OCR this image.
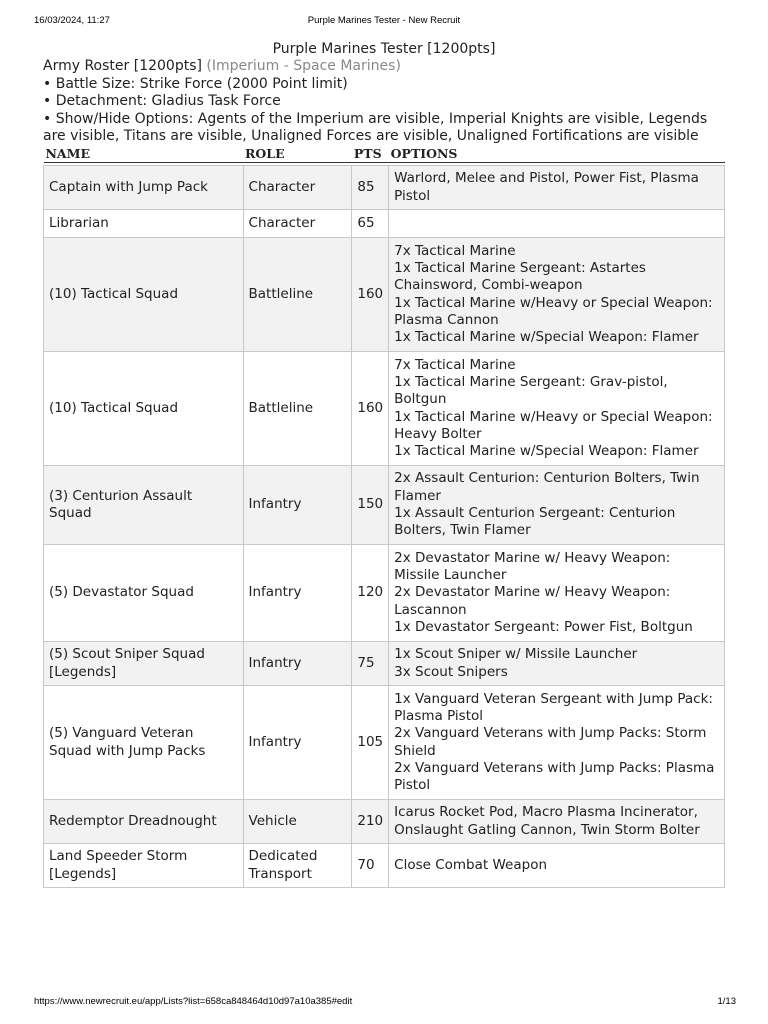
16/03/2024, 11:27	Purple Marines Tester - New Recruit
Purple Marines Tester [1200pts]

Army Roster [1200pts] (Imperium - Space Marines)

• Battle Size: Strike Force (2000 Point limit)

• Detachment: Gladius Task Force

• Show/Hide Options: Agents of the Imperium are visible, Imperial Knights are visible, Legends are visible, Titans are visible, Unaligned Forces are visible, Unaligned Fortifications are visible

NAME	ROLE	PTS	OPTIONS

Captain with Jump Pack	Character	85	Warlord, Melee and Pistol, Power Fist, Plasma Pistol

Librarian	Character	65	
(10) Tactical Squad	Battleline	160	7x Tactical Marine
1x Tactical Marine Sergeant: Astartes Chainsword, Combi-weapon
1x Tactical Marine w/Heavy or Special Weapon: Plasma Cannon
1x Tactical Marine w/Special Weapon: Flamer

(10) Tactical Squad	Battleline	160	7x Tactical Marine
1x Tactical Marine Sergeant: Grav-pistol, Boltgun
1x Tactical Marine w/Heavy or Special Weapon: Heavy Bolter
1x Tactical Marine w/Special Weapon: Flamer

(3) Centurion Assault Squad	Infantry	150	2x Assault Centurion: Centurion Bolters, Twin Flamer
1x Assault Centurion Sergeant: Centurion Bolters, Twin Flamer

(5) Devastator Squad	Infantry	120	2x Devastator Marine w/ Heavy Weapon: Missile Launcher
2x Devastator Marine w/ Heavy Weapon: Lascannon
1x Devastator Sergeant: Power Fist, Boltgun

(5) Scout Sniper Squad [Legends]	Infantry	75	1x Scout Sniper w/ Missile Launcher
3x Scout Snipers

(5) Vanguard Veteran Squad with Jump Packs	Infantry	105	1x Vanguard Veteran Sergeant with Jump Pack: Plasma Pistol
2x Vanguard Veterans with Jump Packs: Storm Shield
2x Vanguard Veterans with Jump Packs: Plasma Pistol

Redemptor Dreadnought	Vehicle	210	Icarus Rocket Pod, Macro Plasma Incinerator, Onslaught Gatling Cannon, Twin Storm Bolter

Land Speeder Storm [Legends]	Dedicated Transport	70	Close Combat Weapon
https://www.newrecruit.eu/app/Lists?list=658ca848464d10d97a10a385#edit	1/13
